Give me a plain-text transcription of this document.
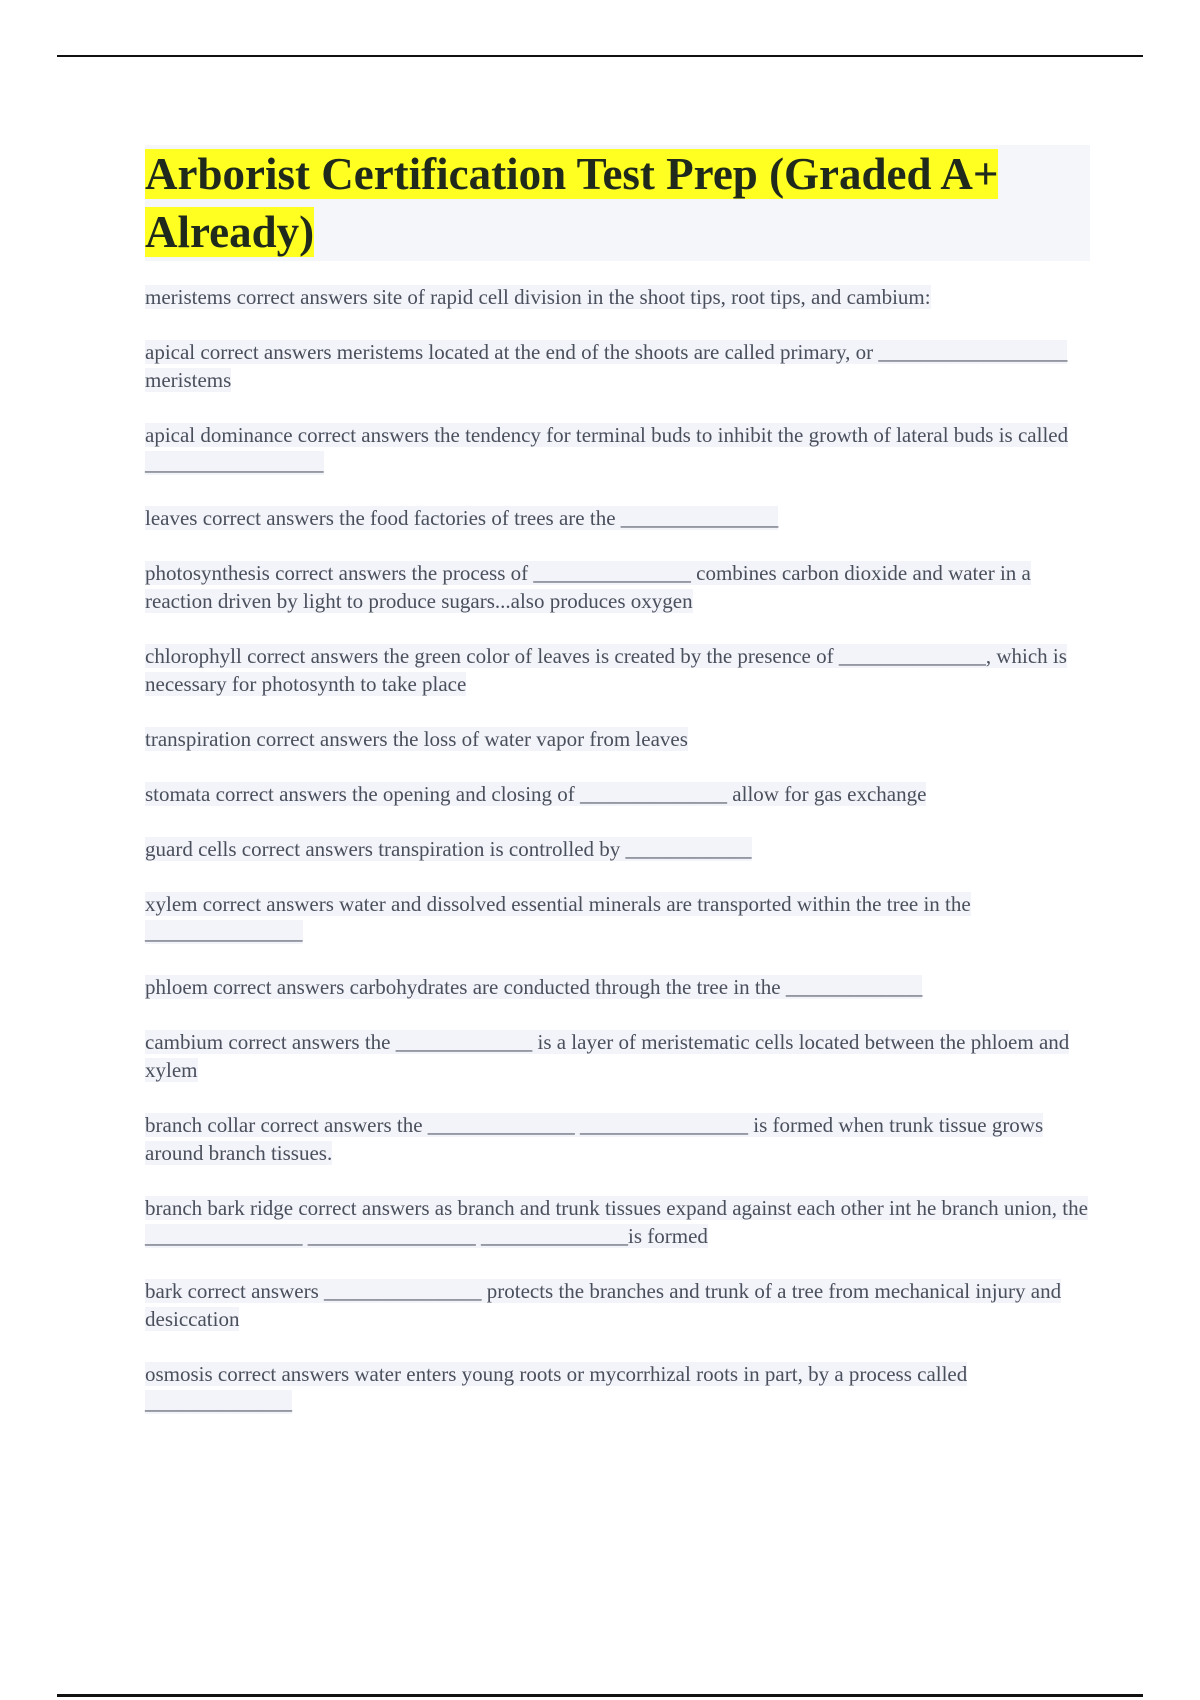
Arborist Certification Test Prep (Graded A+ Already)

meristems correct answers site of rapid cell division in the shoot tips, root tips, and cambium:

apical correct answers meristems located at the end of the shoots are called primary, or __________________ meristems

apical dominance correct answers the tendency for terminal buds to inhibit the growth of lateral buds is called _________________

leaves correct answers the food factories of trees are the _______________

photosynthesis correct answers the process of _______________ combines carbon dioxide and water in a reaction driven by light to produce sugars...also produces oxygen

chlorophyll correct answers the green color of leaves is created by the presence of ______________, which is necessary for photosynth to take place

transpiration correct answers the loss of water vapor from leaves

stomata correct answers the opening and closing of ______________ allow for gas exchange

guard cells correct answers transpiration is controlled by ____________

xylem correct answers water and dissolved essential minerals are transported within the tree in the _______________

phloem correct answers carbohydrates are conducted through the tree in the _____________

cambium correct answers the _____________ is a layer of meristematic cells located between the phloem and xylem

branch collar correct answers the ______________ ________________ is formed when trunk tissue grows around branch tissues.

branch bark ridge correct answers as branch and trunk tissues expand against each other int he branch union, the _______________ ________________ ______________is formed

bark correct answers _______________ protects the branches and trunk of a tree from mechanical injury and desiccation

osmosis correct answers water enters young roots or mycorrhizal roots in part, by a process called ______________
